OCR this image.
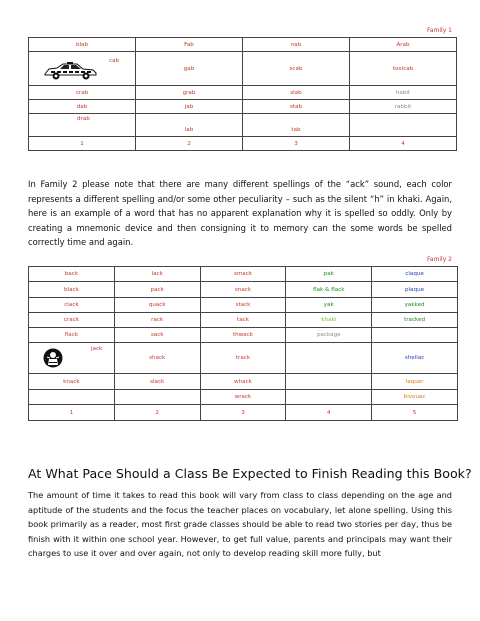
Family 1
blab	Fab	nab	Arab

cab	gab	scab	toxicab
crab	grab	slab	habit
dab	jab	stab	rabbit

drab	lab	tab	
1	2	3	4
In Family 2 please note that there are many different spellings of the “ack” sound, each color represents a different spelling and/or some other peculiarity – such as the silent “h” in khaki. Again, here is an example of a word that has no apparent explanation why it is spelled so oddly. Only by creating a mnemonic device and then consigning it to memory can the some words be spelled correctly time and again.
Family 2
back	lack	smack	pak	claque
black	pack	snack	flak & flack	plaque
clack	quack	stack	yak	yakked
crack	rack	tack	khaki	tracked
flack	sack	thwack	package	

jack	shack	track		shellac
knack	slack	whack		laquer
		wrack		bivouac
1	2	3	4	5
At What Pace Should a Class Be Expected to Finish Reading this Book?
The amount of time it takes to read this book will vary from class to class depending on the age and aptitude of the students and the focus the teacher places on vocabulary, let alone spelling. Using this book primarily as a reader, most first grade classes should be able to read two stories per day, thus be finish with it within one school year. However, to get full value, parents and principals may want their charges to use it over and over again, not only to develop reading skill more fully, but
